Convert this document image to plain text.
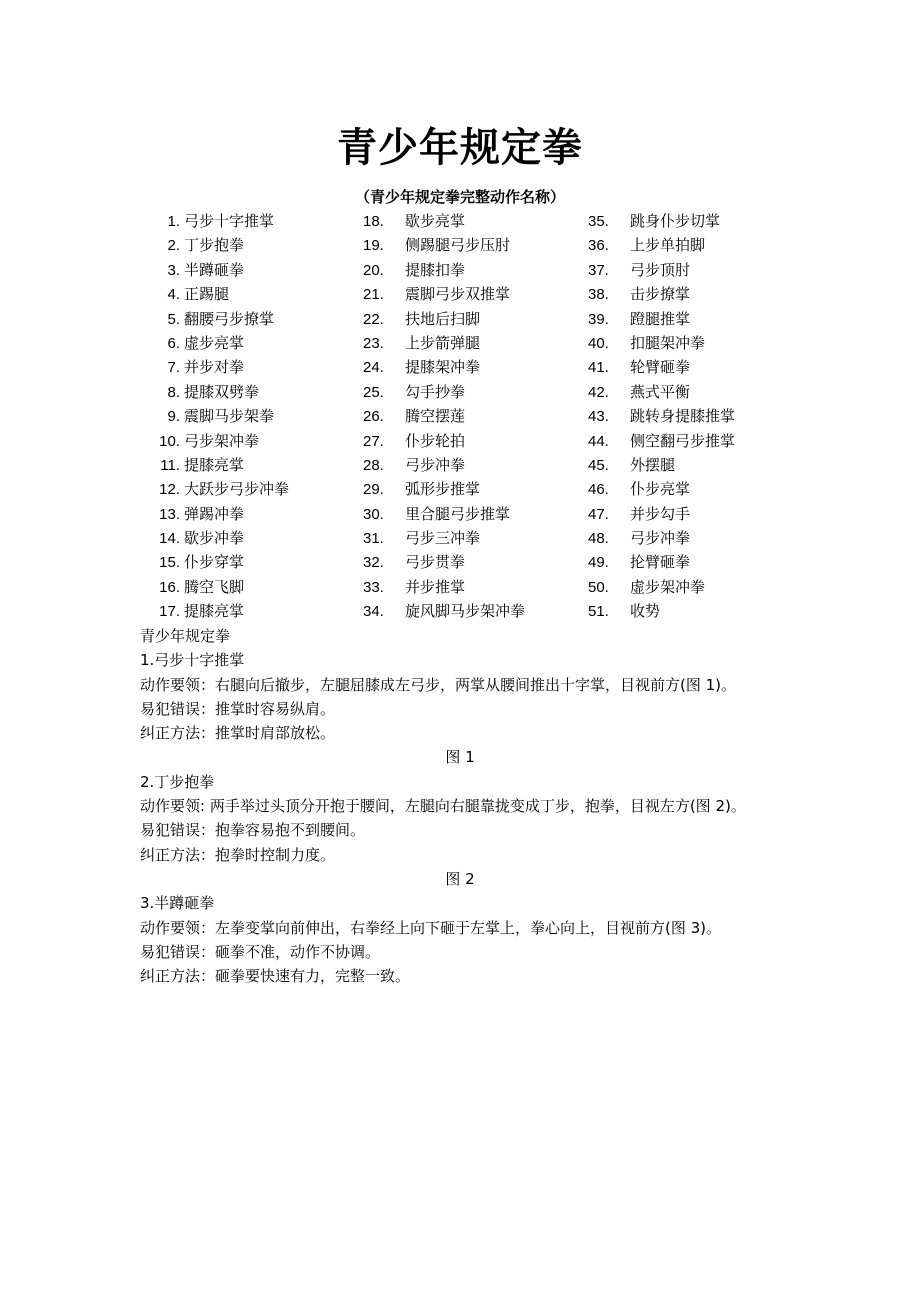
青少年规定拳
（青少年规定拳完整动作名称）
1. 弓步十字推掌
2. 丁步抱拳
3. 半蹲砸拳
4. 正踢腿
5. 翻腰弓步撩掌
6. 虚步亮掌
7. 并步对拳
8. 提膝双劈拳
9. 震脚马步架拳
10. 弓步架冲拳
11. 提膝亮掌
12. 大跃步弓步冲拳
13. 弹踢冲拳
14. 歇步冲拳
15. 仆步穿掌
16. 腾空飞脚
17. 提膝亮掌
18. 歇步亮掌
19. 侧踢腿弓步压肘
20. 提膝扣拳
21. 震脚弓步双推掌
22. 扶地后扫脚
23. 上步箭弹腿
24. 提膝架冲拳
25. 勾手抄拳
26. 腾空摆莲
27. 仆步轮拍
28. 弓步冲拳
29. 弧形步推掌
30. 里合腿弓步推掌
31. 弓步三冲拳
32. 弓步贯拳
33. 并步推掌
34. 旋风脚马步架冲拳
35. 跳身仆步切掌
36. 上步单拍脚
37. 弓步顶肘
38. 击步撩掌
39. 蹬腿推掌
40. 扣腿架冲拳
41. 轮臂砸拳
42. 燕式平衡
43. 跳转身提膝推掌
44. 侧空翻弓步推掌
45. 外摆腿
46. 仆步亮掌
47. 并步勾手
48. 弓步冲拳
49. 抡臂砸拳
50. 虚步架冲拳
51. 收势
青少年规定拳
1.弓步十字推掌
动作要领：右腿向后撤步，左腿屈膝成左弓步，两掌从腰间推出十字掌，目视前方(图 1)。
易犯错误：推掌时容易纵肩。
纠正方法：推掌时肩部放松。
图 1
2.丁步抱拳
动作要领: 两手举过头顶分开抱于腰间，左腿向右腿靠拢变成丁步，抱拳，目视左方(图 2)。
易犯错误：抱拳容易抱不到腰间。
纠正方法：抱拳时控制力度。
图 2
3.半蹲砸拳
动作要领：左拳变掌向前伸出，右拳经上向下砸于左掌上，拳心向上，目视前方(图 3)。
易犯错误：砸拳不准，动作不协调。
纠正方法：砸拳要快速有力，完整一致。
